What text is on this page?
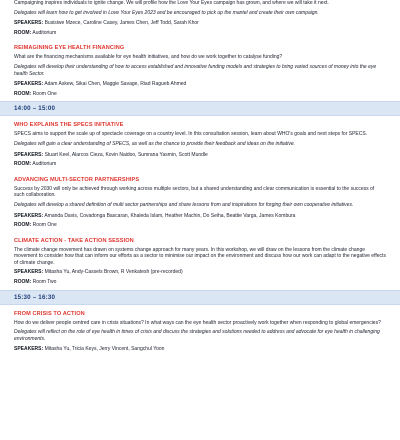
Campaigning inspires individuals to ignite change. We will profile how the Love Your Eyes campaign has grown, and where we will take it next.

Delegates will learn how to get involved in Love Your Eyes 2023 and be encouraged to pick up the mantel and create their own campaign.

SPEAKERS: Busisiwe Mzece, Caroline Casey, James Chen, Jeff Todd, Sarah Khor

ROOM: Auditorium

REIMAGINING EYE HEALTH FINANCING

What are the financing mechanisms available for eye health initiatives, and how do we work together to catalyse funding?

Delegates will develop their understanding of how to access established and innovative funding models and strategies to bring varied sources of money into the eye health Sector.

SPEAKERS: Adam Askew, Sikai Chen, Maggie Savage, Riad Ragueb Ahmed

ROOM: Room One

14:00 – 15:00

WHO EXPLAINS THE SPECS INITIATIVE

SPECS aims to support the scale up of spectacle coverage on a country level. In this consultation session, learn about WHO's goals and next steps for SPECS.

Delegates will gain a clear understanding of SPECS, as well as the chance to provide their feedback and ideas on the initiative.

SPEAKERS: Stuart Keel, Alarcos Cieza, Kovin Naidoo, Sumrana Yasmin, Scott Mundle

ROOM: Auditorium

ADVANCING MULTI-SECTOR PARTNERSHIPS

Success by 2030 will only be achieved through working across multiple sectors, but a shared understanding and clear communication is essential to the success of such collaboration.

Delegates will develop a shared definition of multi sector partnerships and share lessons from and inspirations for forging their own cooperative initiatives.

SPEAKERS: Amanda Davis, Covadonga Bascaran, Khaleda Islam, Heather Machin, Do Seiha, Beattie Varga, James Kombura

ROOM: Room One

CLIMATE ACTION - TAKE ACTION SESSION

The climate change movement has drawn on systems change approach for many years. In this workshop, we will draw on the lessons from the climate change movement to consider how that can inform our efforts as a sector to minimise our impact on the environment and discuss how our work can adapt to the negative effects of climate change.

SPEAKERS: Mitasha Yu, Andy-Cassels Brown, R Venkatesh (pre-recorded)

ROOM: Room Two

15:30 – 16:30

FROM CRISIS TO ACTION

How do we deliver people centred care in crisis situations? In what ways can the eye health sector proactively work together when responding to global emergencies?

Delegates will reflect on the role of eye health in times of crisis and discuss the strategies and solutions needed to address and advocate for eye health in challenging environments.

SPEAKERS: Mitasha Yu, Tricia Keys, Jerry Vincent, Sangchul Yoon
